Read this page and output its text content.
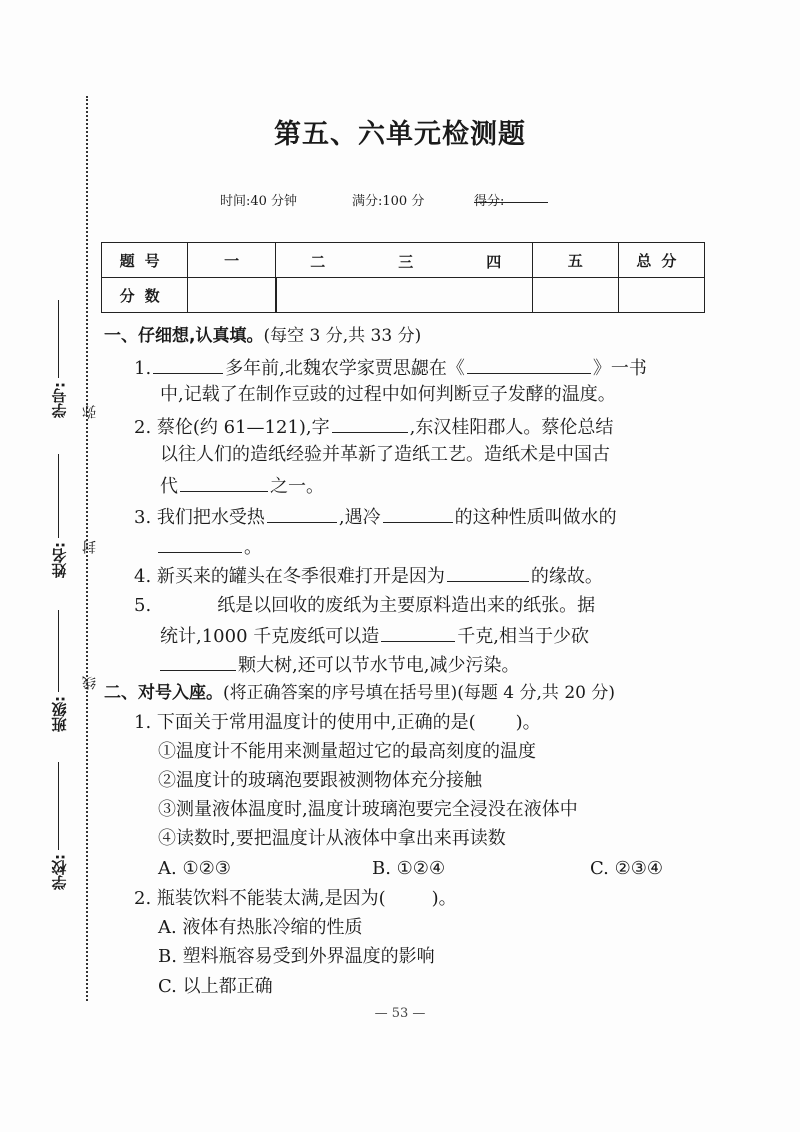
弥
封
线
学号:
姓名:
班级:
学校:
第五、六单元检测题
时间:40 分钟	满分:100 分	得分:
题号	一	二 三 四	五	总分
分数					
一、仔细想,认真填。(每空 3 分,共 33 分)
1.	多年前,北魏农学家贾思勰在《	》一书
中,记载了在制作豆豉的过程中如何判断豆子发酵的温度。
2. 蔡伦(约 61—121),字	,东汉桂阳郡人。蔡伦总结
以往人们的造纸经验并革新了造纸工艺。造纸术是中国古
代	之一。
3. 我们把水受热	,遇冷	的这种性质叫做水的
。
4. 新买来的罐头在冬季很难打开是因为	的缘故。
5.	纸是以回收的废纸为主要原料造出来的纸张。据
统计,1000 千克废纸可以造	千克,相当于少砍
颗大树,还可以节水节电,减少污染。
二、对号入座。(将正确答案的序号填在括号里)(每题 4 分,共 20 分)
1. 下面关于常用温度计的使用中,正确的是( )。
①温度计不能用来测量超过它的最高刻度的温度
②温度计的玻璃泡要跟被测物体充分接触
③测量液体温度时,温度计玻璃泡要完全浸没在液体中
④读数时,要把温度计从液体中拿出来再读数
A. ①②③	B. ①②④	C. ②③④
2. 瓶装饮料不能装太满,是因为(	)。
A. 液体有热胀冷缩的性质
B. 塑料瓶容易受到外界温度的影响
C. 以上都正确
— 53 —
